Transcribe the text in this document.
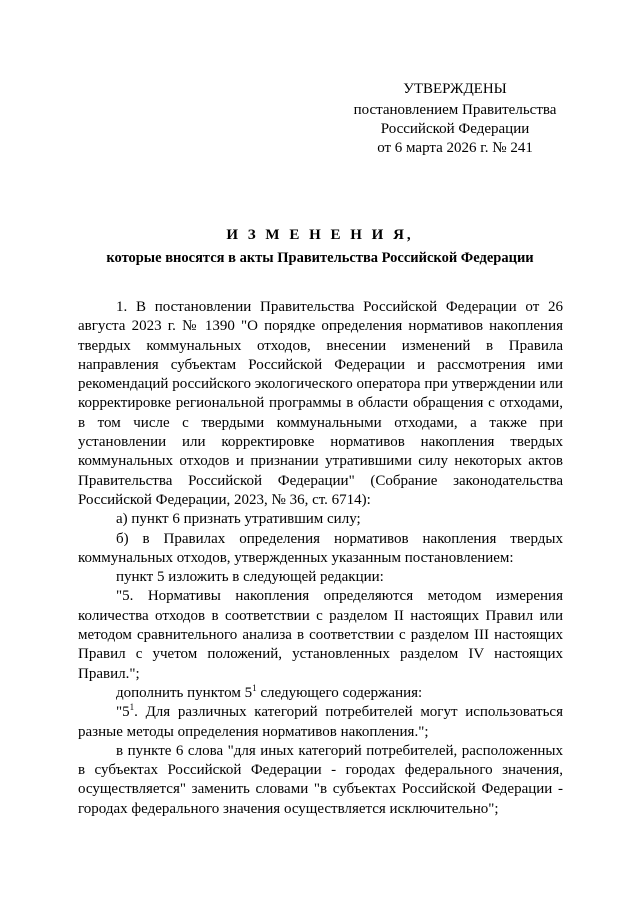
УТВЕРЖДЕНЫ
постановлением Правительства
Российской Федерации
от 6 марта 2026 г. № 241
И З М Е Н Е Н И Я,
которые вносятся в акты Правительства Российской Федерации

1. В постановлении Правительства Российской Федерации от 26 августа 2023 г. № 1390 "О порядке определения нормативов накопления твердых коммунальных отходов, внесении изменений в Правила направления субъектам Российской Федерации и рассмотрения ими рекомендаций российского экологического оператора при утверждении или корректировке региональной программы в области обращения с отходами, в том числе с твердыми коммунальными отходами, а также при установлении или корректировке нормативов накопления твердых коммунальных отходов и признании утратившими силу некоторых актов Правительства Российской Федерации" (Собрание законодательства Российской Федерации, 2023, № 36, ст. 6714):

а) пункт 6 признать утратившим силу;

б) в Правилах определения нормативов накопления твердых коммунальных отходов, утвержденных указанным постановлением:

пункт 5 изложить в следующей редакции:

"5. Нормативы накопления определяются методом измерения количества отходов в соответствии с разделом II настоящих Правил или методом сравнительного анализа в соответствии с разделом III настоящих Правил с учетом положений, установленных разделом IV настоящих Правил.";

дополнить пунктом $5^1$ следующего содержания:

"$5^1$. Для различных категорий потребителей могут использоваться разные методы определения нормативов накопления.";

в пункте 6 слова "для иных категорий потребителей, расположенных в субъектах Российской Федерации - городах федерального значения, осуществляется" заменить словами "в субъектах Российской Федерации - городах федерального значения осуществляется исключительно";
